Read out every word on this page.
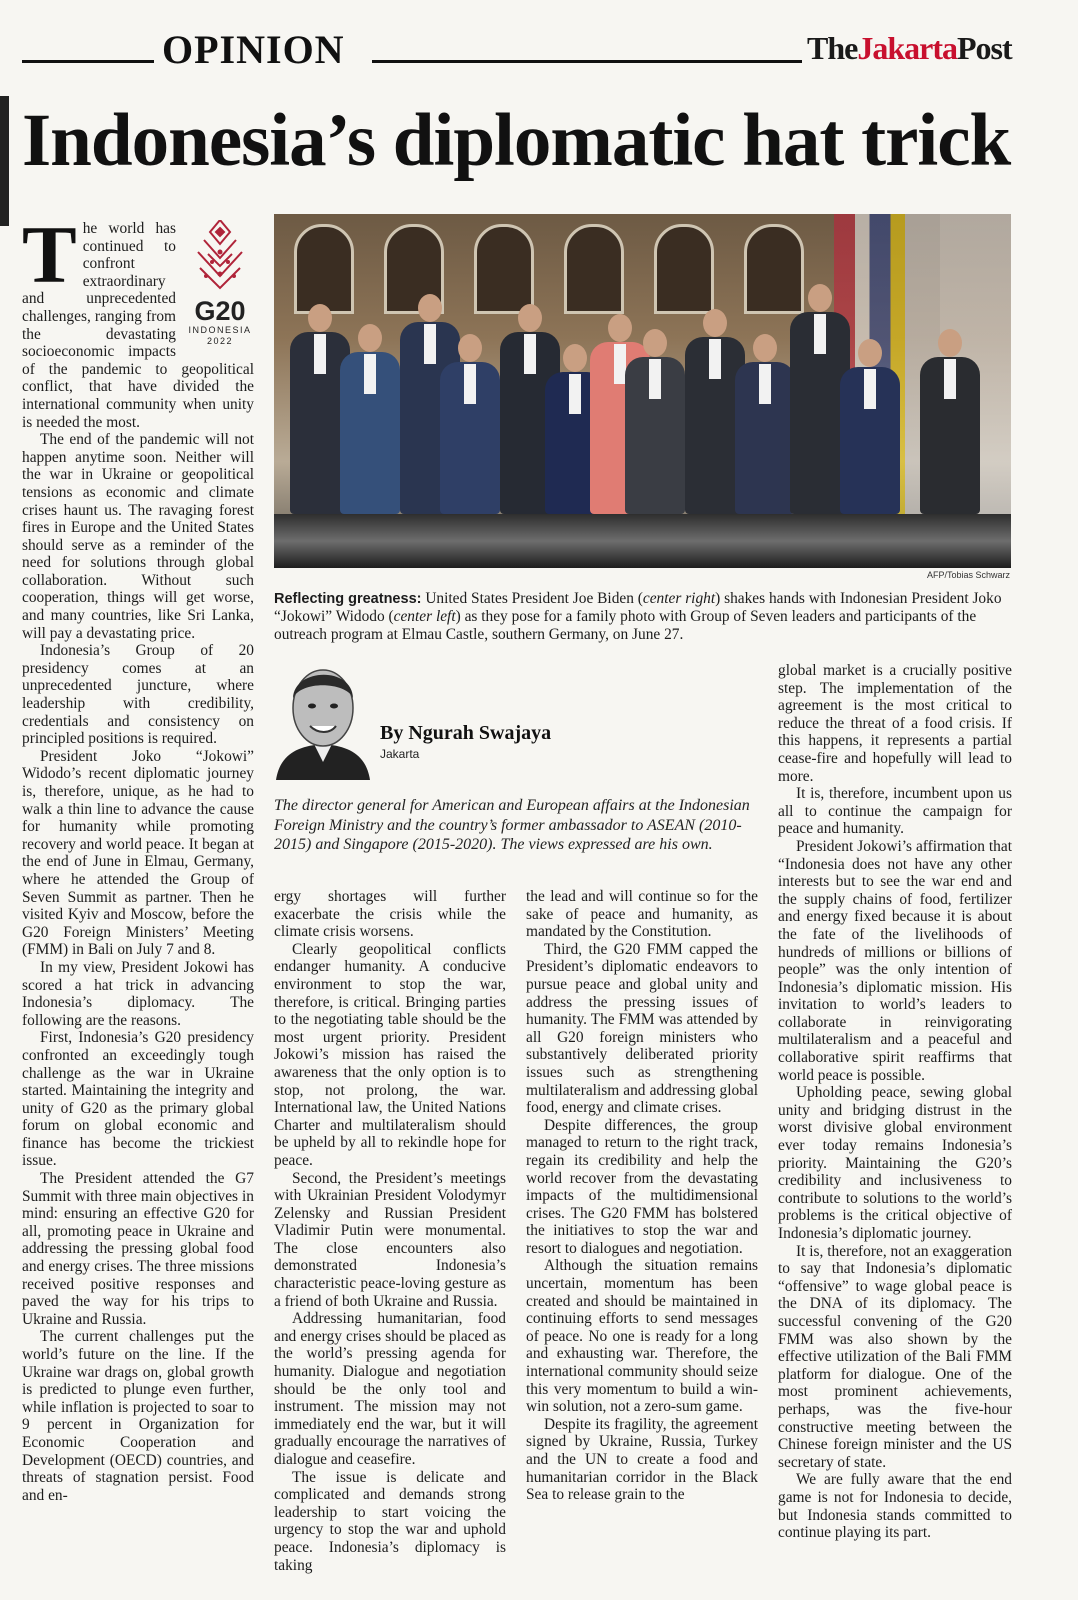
OPINION	TheJakartaPost
Indonesia’s diplomatic hat trick
G20
INDONESIA
2022

The world has continued to confront extraordinary and unprecedented challenges, ranging from the devastating socioeconomic impacts of the pandemic to geopolitical conflict, that have divided the international community when unity is needed the most.

The end of the pandemic will not happen anytime soon. Neither will the war in Ukraine or geopolitical tensions as economic and climate crises haunt us. The ravaging forest fires in Europe and the United States should serve as a reminder of the need for solutions through global collaboration. Without such cooperation, things will get worse, and many countries, like Sri Lanka, will pay a devastating price.

Indonesia’s Group of 20 presidency comes at an unprecedented juncture, where leadership with credibility, credentials and consistency on principled positions is required.

President Joko “Jokowi” Widodo’s recent diplomatic journey is, therefore, unique, as he had to walk a thin line to advance the cause for humanity while promoting recovery and world peace. It began at the end of June in Elmau, Germany, where he attended the Group of Seven Summit as partner. Then he visited Kyiv and Moscow, before the G20 Foreign Ministers’ Meeting (FMM) in Bali on July 7 and 8.

In my view, President Jokowi has scored a hat trick in advancing Indonesia’s diplomacy. The following are the reasons.

First, Indonesia’s G20 presidency confronted an exceedingly tough challenge as the war in Ukraine started. Maintaining the integrity and unity of G20 as the primary global forum on global economic and finance has become the trickiest issue.

The President attended the G7 Summit with three main objectives in mind: ensuring an effective G20 for all, promoting peace in Ukraine and addressing the pressing global food and energy crises. The three missions received positive responses and paved the way for his trips to Ukraine and Russia.

The current challenges put the world’s future on the line. If the Ukraine war drags on, global growth is predicted to plunge even further, while inflation is projected to soar to 9 percent in Organization for Economic Cooperation and Development (OECD) countries, and threats of stagnation persist. Food and en-

AFP/Tobias Schwarz
Reflecting greatness: United States President Joe Biden (center right) shakes hands with Indonesian President Joko “Jokowi” Widodo (center left) as they pose for a family photo with Group of Seven leaders and participants of the outreach program at Elmau Castle, southern Germany, on June 27.
By Ngurah Swajaya
Jakarta
The director general for American and European affairs at the Indonesian Foreign Ministry and the country’s former ambassador to ASEAN (2010-2015) and Singapore (2015-2020). The views expressed are his own.

ergy shortages will further exacerbate the crisis while the climate crisis worsens.

Clearly geopolitical conflicts endanger humanity. A conducive environment to stop the war, therefore, is critical. Bringing parties to the negotiating table should be the most urgent priority. President Jokowi’s mission has raised the awareness that the only option is to stop, not prolong, the war. International law, the United Nations Charter and multilateralism should be upheld by all to rekindle hope for peace.

Second, the President’s meetings with Ukrainian President Volodymyr Zelensky and Russian President Vladimir Putin were monumental. The close encounters also demonstrated Indonesia’s characteristic peace-loving gesture as a friend of both Ukraine and Russia.

Addressing humanitarian, food and energy crises should be placed as the world’s pressing agenda for humanity. Dialogue and negotiation should be the only tool and instrument. The mission may not immediately end the war, but it will gradually encourage the narratives of dialogue and ceasefire.

The issue is delicate and complicated and demands strong leadership to start voicing the urgency to stop the war and uphold peace. Indonesia’s diplomacy is taking

the lead and will continue so for the sake of peace and humanity, as mandated by the Constitution.

Third, the G20 FMM capped the President’s diplomatic endeavors to pursue peace and global unity and address the pressing issues of humanity. The FMM was attended by all G20 foreign ministers who substantively deliberated priority issues such as strengthening multilateralism and addressing global food, energy and climate crises.

Despite differences, the group managed to return to the right track, regain its credibility and help the world recover from the devastating impacts of the multidimensional crises. The G20 FMM has bolstered the initiatives to stop the war and resort to dialogues and negotiation.

Although the situation remains uncertain, momentum has been created and should be maintained in continuing efforts to send messages of peace. No one is ready for a long and exhausting war. Therefore, the international community should seize this very momentum to build a win-win solution, not a zero-sum game.

Despite its fragility, the agreement signed by Ukraine, Russia, Turkey and the UN to create a food and humanitarian corridor in the Black Sea to release grain to the

global market is a crucially positive step. The implementation of the agreement is the most critical to reduce the threat of a food crisis. If this happens, it represents a partial cease-fire and hopefully will lead to more.

It is, therefore, incumbent upon us all to continue the campaign for peace and humanity.

President Jokowi’s affirmation that “Indonesia does not have any other interests but to see the war end and the supply chains of food, fertilizer and energy fixed because it is about the fate of the livelihoods of hundreds of millions or billions of people” was the only intention of Indonesia’s diplomatic mission. His invitation to world’s leaders to collaborate in reinvigorating multilateralism and a peaceful and collaborative spirit reaffirms that world peace is possible.

Upholding peace, sewing global unity and bridging distrust in the worst divisive global environment ever today remains Indonesia’s priority. Maintaining the G20’s credibility and inclusiveness to contribute to solutions to the world’s problems is the critical objective of Indonesia’s diplomatic journey.

It is, therefore, not an exaggeration to say that Indonesia’s diplomatic “offensive” to wage global peace is the DNA of its diplomacy. The successful convening of the G20 FMM was also shown by the effective utilization of the Bali FMM platform for dialogue. One of the most prominent achievements, perhaps, was the five-hour constructive meeting between the Chinese foreign minister and the US secretary of state.

We are fully aware that the end game is not for Indonesia to decide, but Indonesia stands committed to continue playing its part.
